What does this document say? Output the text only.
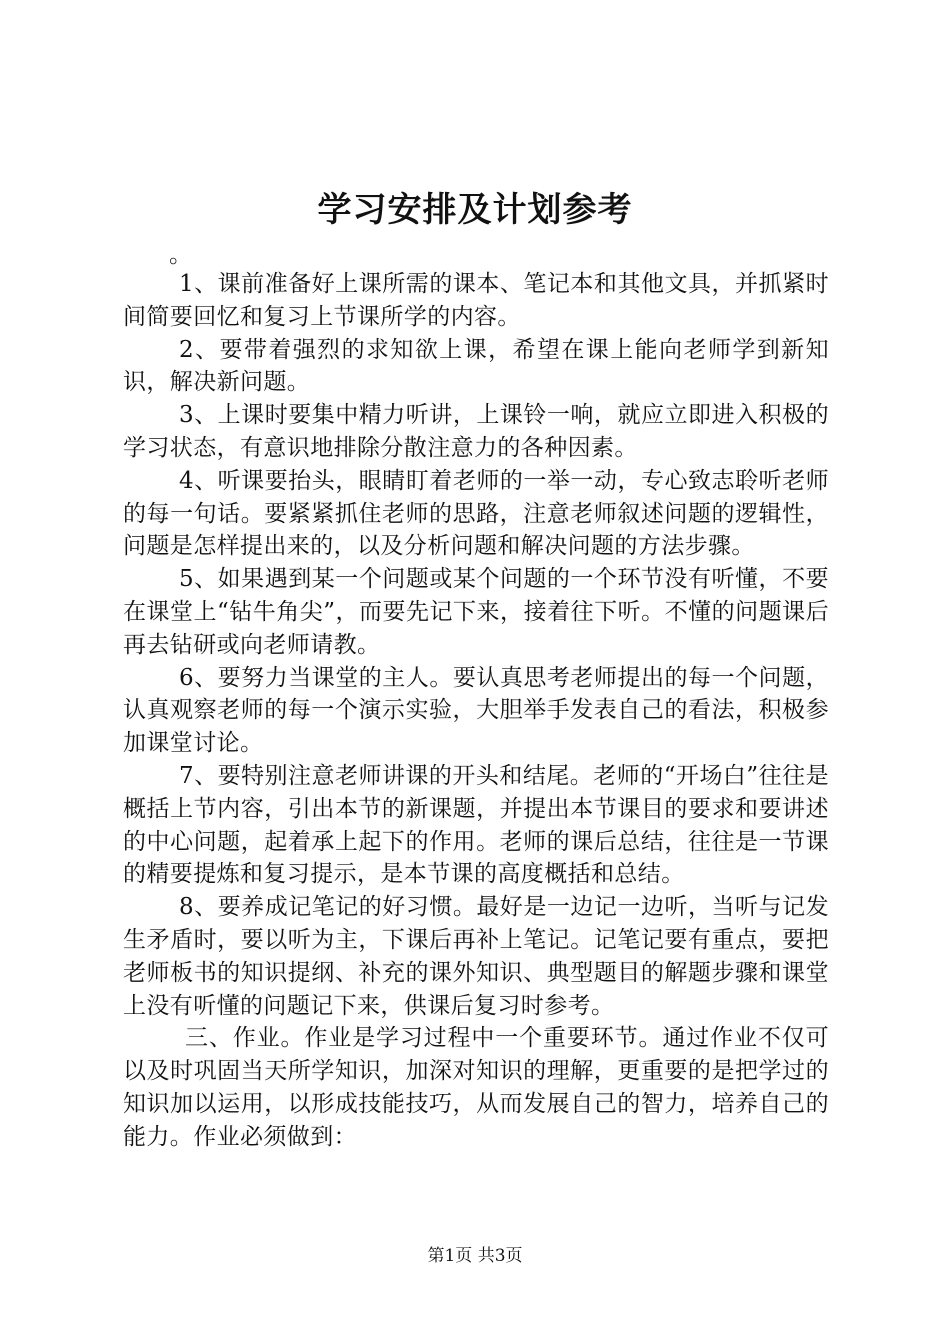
学习安排及计划参考

。

1、课前准备好上课所需的课本、笔记本和其他文具，并抓紧时间简要回忆和复习上节课所学的内容。

2、要带着强烈的求知欲上课，希望在课上能向老师学到新知识，解决新问题。

3、上课时要集中精力听讲，上课铃一响，就应立即进入积极的学习状态，有意识地排除分散注意力的各种因素。

4、听课要抬头，眼睛盯着老师的一举一动，专心致志聆听老师的每一句话。要紧紧抓住老师的思路，注意老师叙述问题的逻辑性，问题是怎样提出来的，以及分析问题和解决问题的方法步骤。

5、如果遇到某一个问题或某个问题的一个环节没有听懂，不要在课堂上“钻牛角尖”，而要先记下来，接着往下听。不懂的问题课后再去钻研或向老师请教。

6、要努力当课堂的主人。要认真思考老师提出的每一个问题，认真观察老师的每一个演示实验，大胆举手发表自己的看法，积极参加课堂讨论。

7、要特别注意老师讲课的开头和结尾。老师的“开场白”往往是概括上节内容，引出本节的新课题，并提出本节课目的要求和要讲述的中心问题，起着承上起下的作用。老师的课后总结，往往是一节课的精要提炼和复习提示，是本节课的高度概括和总结。

8、要养成记笔记的好习惯。最好是一边记一边听，当听与记发生矛盾时，要以听为主，下课后再补上笔记。记笔记要有重点，要把老师板书的知识提纲、补充的课外知识、典型题目的解题步骤和课堂上没有听懂的问题记下来，供课后复习时参考。

三、作业。作业是学习过程中一个重要环节。通过作业不仅可以及时巩固当天所学知识，加深对知识的理解，更重要的是把学过的知识加以运用，以形成技能技巧，从而发展自己的智力，培养自己的能力。作业必须做到：

第1页 共3页
